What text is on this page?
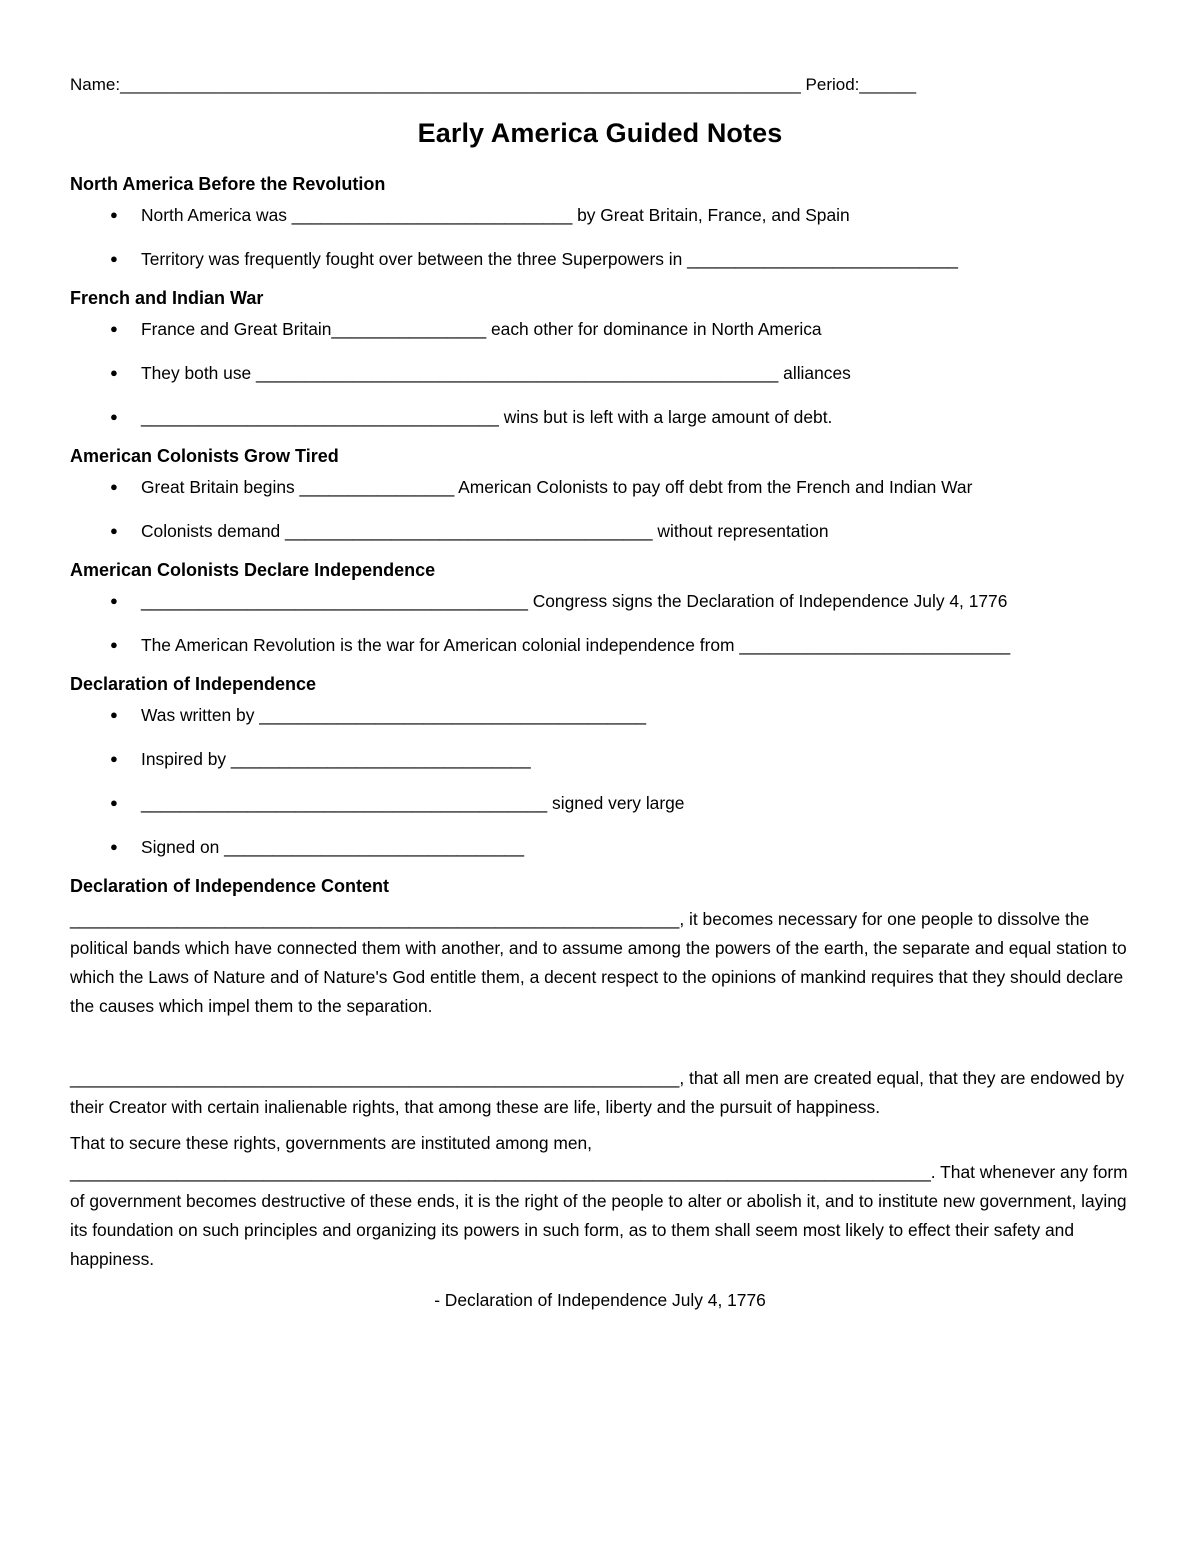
Name:________________________________________________________________________ Period:______
Early America Guided Notes
North America Before the Revolution
● North America was _____________________________ by Great Britain, France, and Spain
● Territory was frequently fought over between the three Superpowers in ____________________________
French and Indian War
● France and Great Britain________________ each other for dominance in North America
● They both use ______________________________________________________ alliances
● _____________________________________ wins but is left with a large amount of debt.
American Colonists Grow Tired
● Great Britain begins ________________ American Colonists to pay off debt from the French and Indian War
● Colonists demand ______________________________________ without representation
American Colonists Declare Independence
● ________________________________________ Congress signs the Declaration of Independence July 4, 1776
● The American Revolution is the war for American colonial independence from ____________________________
Declaration of Independence
● Was written by ________________________________________
● Inspired by _______________________________
● __________________________________________ signed very large
● Signed on _______________________________
Declaration of Independence Content

_______________________________________________________________, it becomes necessary for one people to dissolve the political bands which have connected them with another, and to assume among the powers of the earth, the separate and equal station to which the Laws of Nature and of Nature's God entitle them, a decent respect to the opinions of mankind requires that they should declare the causes which impel them to the separation.

_______________________________________________________________, that all men are created equal, that they are endowed by their Creator with certain inalienable rights, that among these are life, liberty and the pursuit of happiness.

That to secure these rights, governments are instituted among men, _________________________________________________________________________________________. That whenever any form of government becomes destructive of these ends, it is the right of the people to alter or abolish it, and to institute new government, laying its foundation on such principles and organizing its powers in such form, as to them shall seem most likely to effect their safety and happiness.

- Declaration of Independence July 4, 1776
